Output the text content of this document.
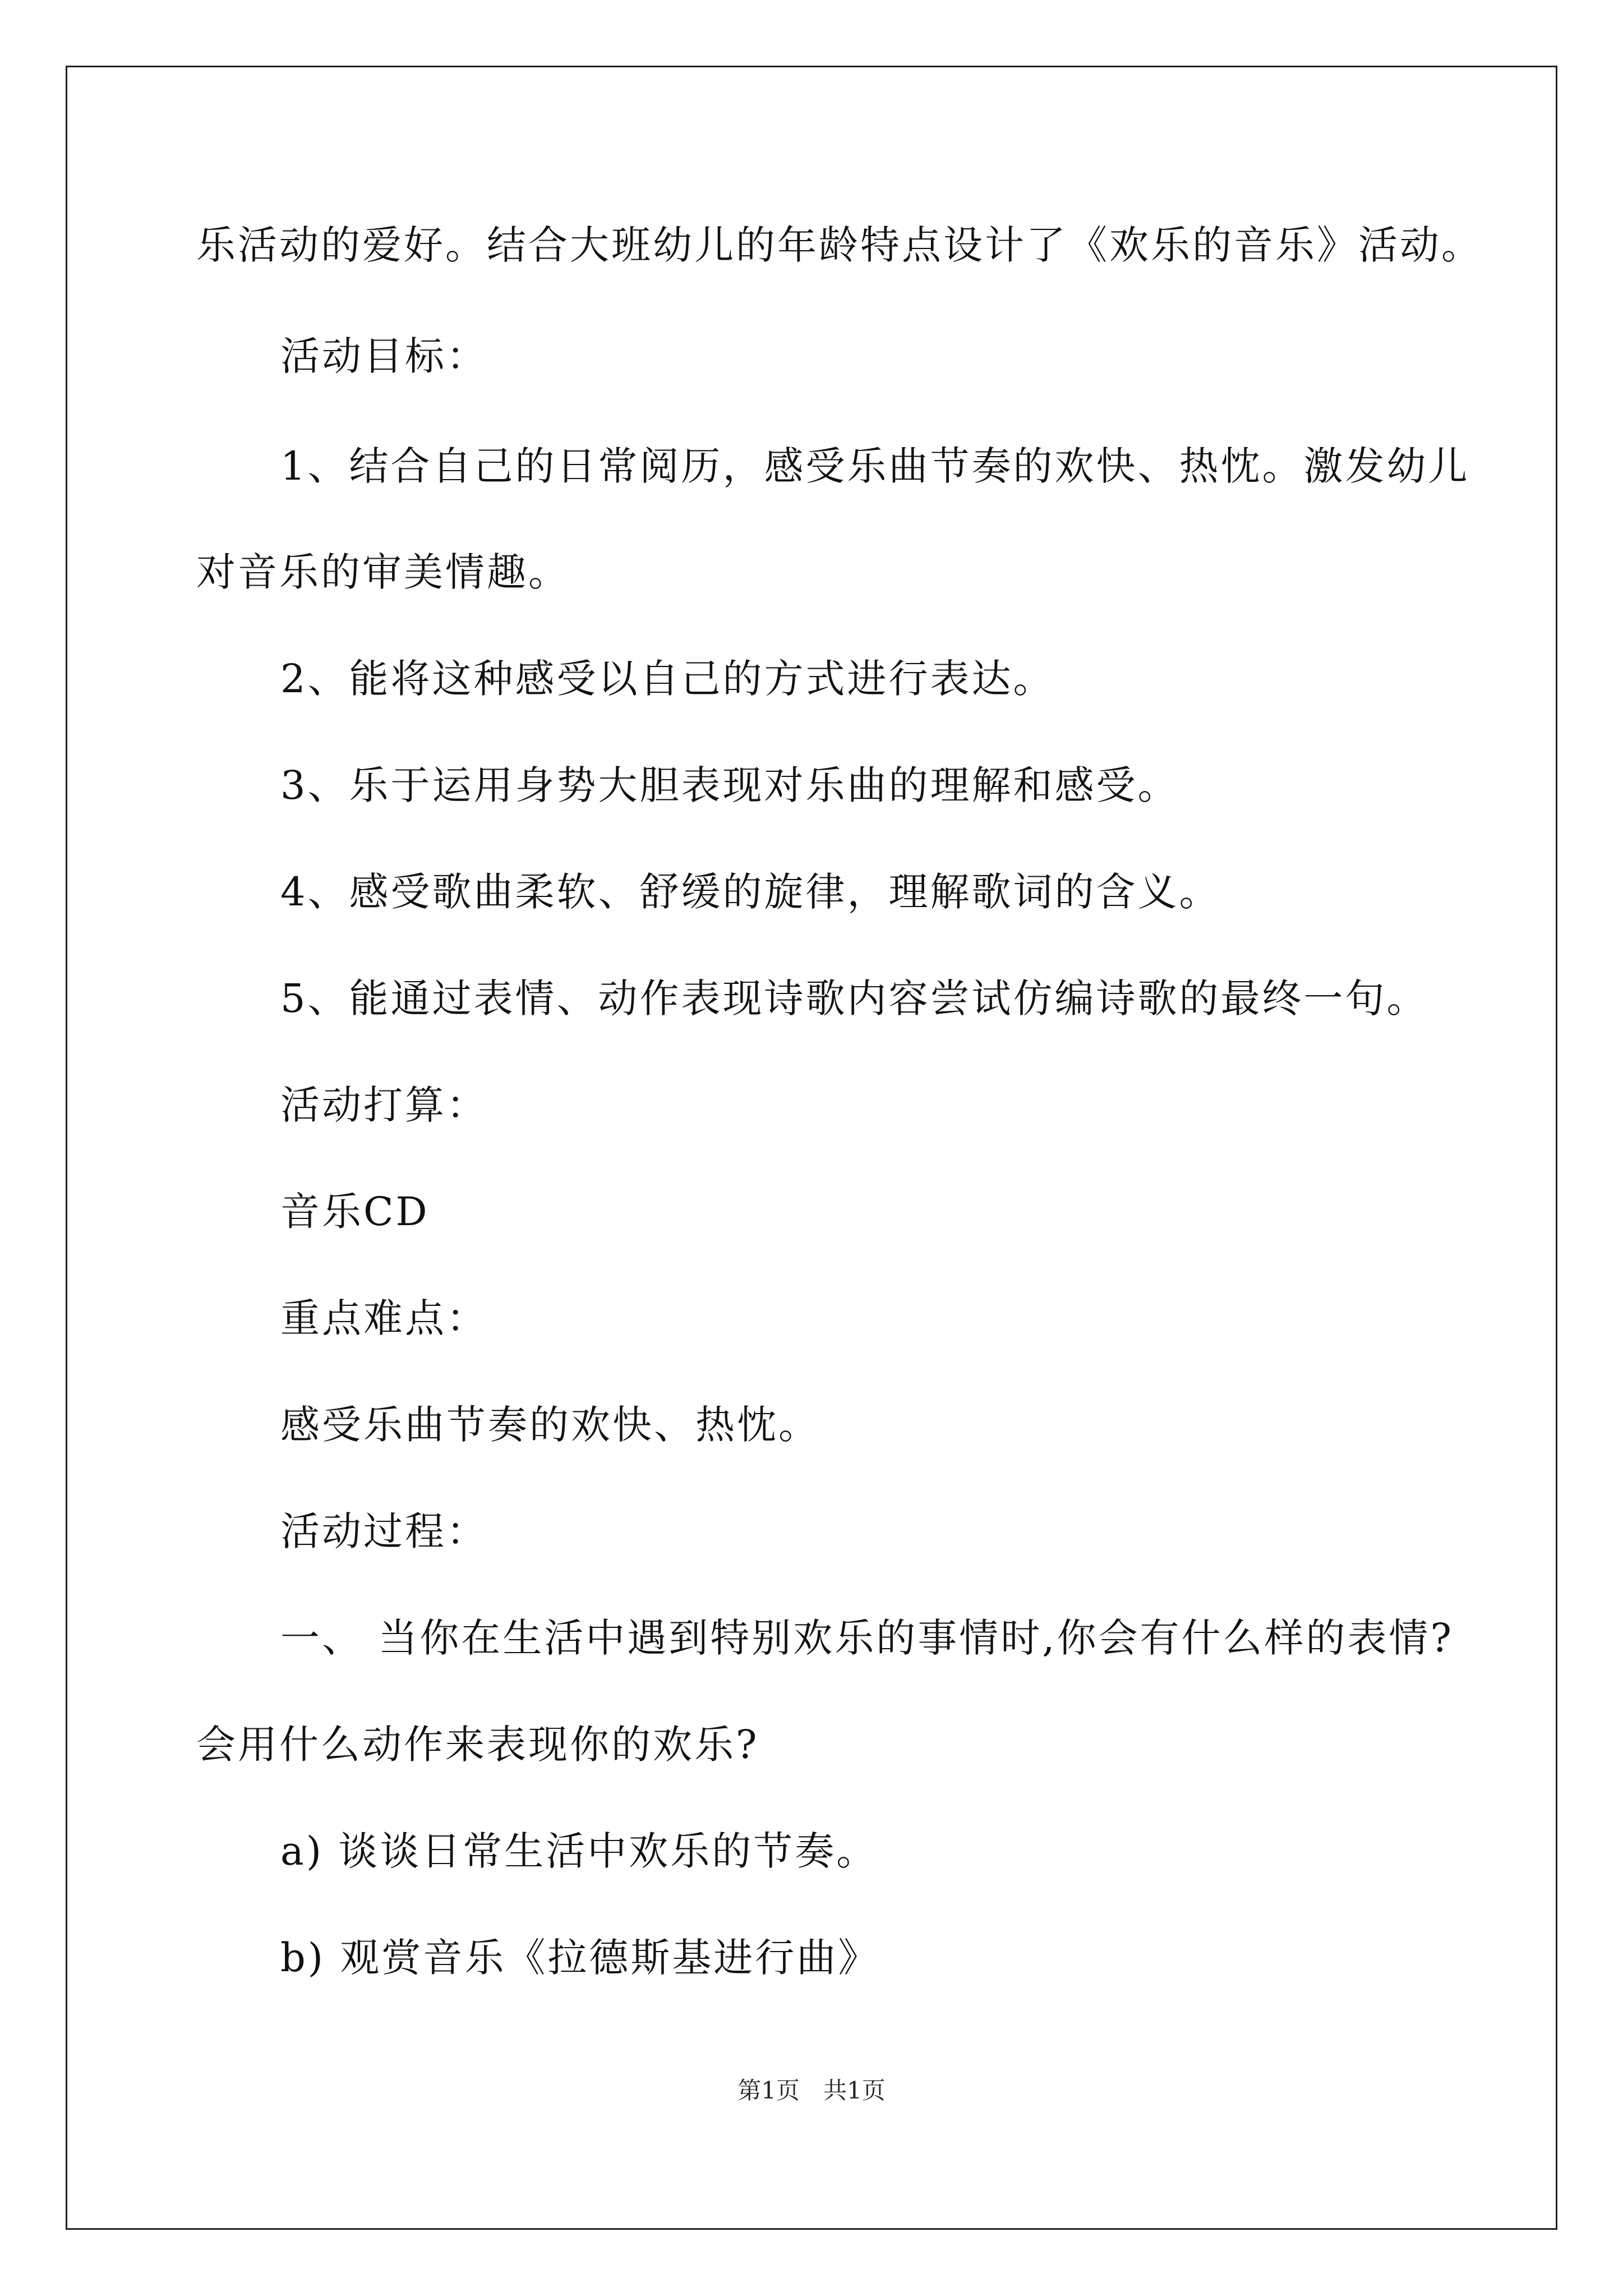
乐活动的爱好。结合大班幼儿的年龄特点设计了《欢乐的音乐》活动。
活动目标：
1、结合自己的日常阅历，感受乐曲节奏的欢快、热忱。激发幼儿
对音乐的审美情趣。
2、能将这种感受以自己的方式进行表达。
3、乐于运用身势大胆表现对乐曲的理解和感受。
4、感受歌曲柔软、舒缓的旋律，理解歌词的含义。
5、能通过表情、动作表现诗歌内容尝试仿编诗歌的最终一句。
活动打算：
音乐CD
重点难点：
感受乐曲节奏的欢快、热忱。
活动过程：
一、 当你在生活中遇到特别欢乐的事情时,你会有什么样的表情?
会用什么动作来表现你的欢乐?
a) 谈谈日常生活中欢乐的节奏。
b) 观赏音乐《拉德斯基进行曲》
第1页　共1页
